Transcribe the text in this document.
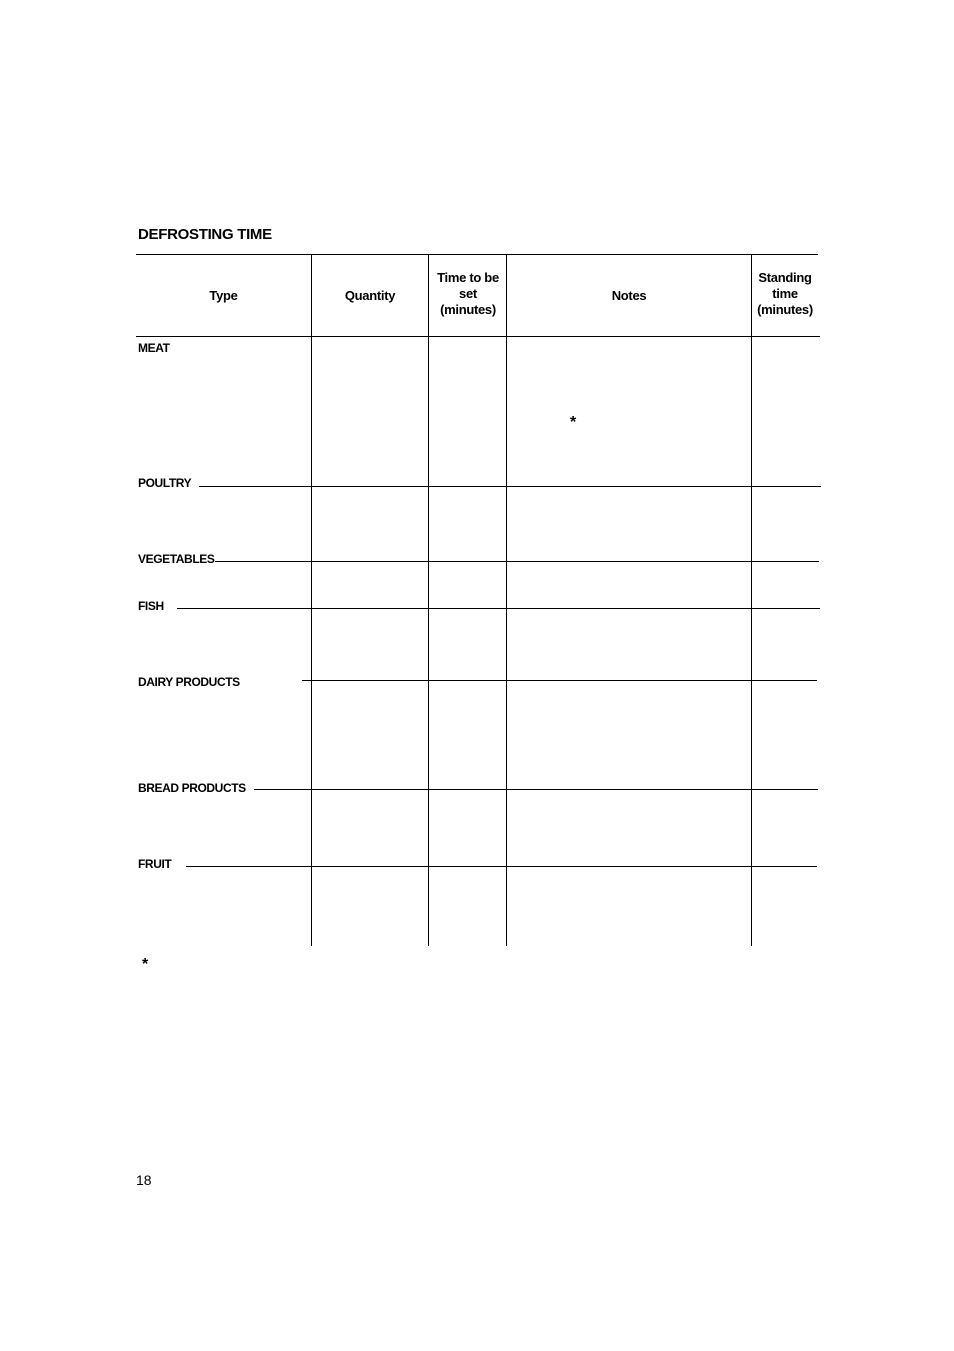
DEFROSTING TIME
Type	Quantity
Time to be set (minutes)
Notes
Standing time (minutes)
MEAT
POULTRY
VEGETABLES
FISH
DAIRY PRODUCTS
BREAD PRODUCTS
FRUIT
*
*
18
